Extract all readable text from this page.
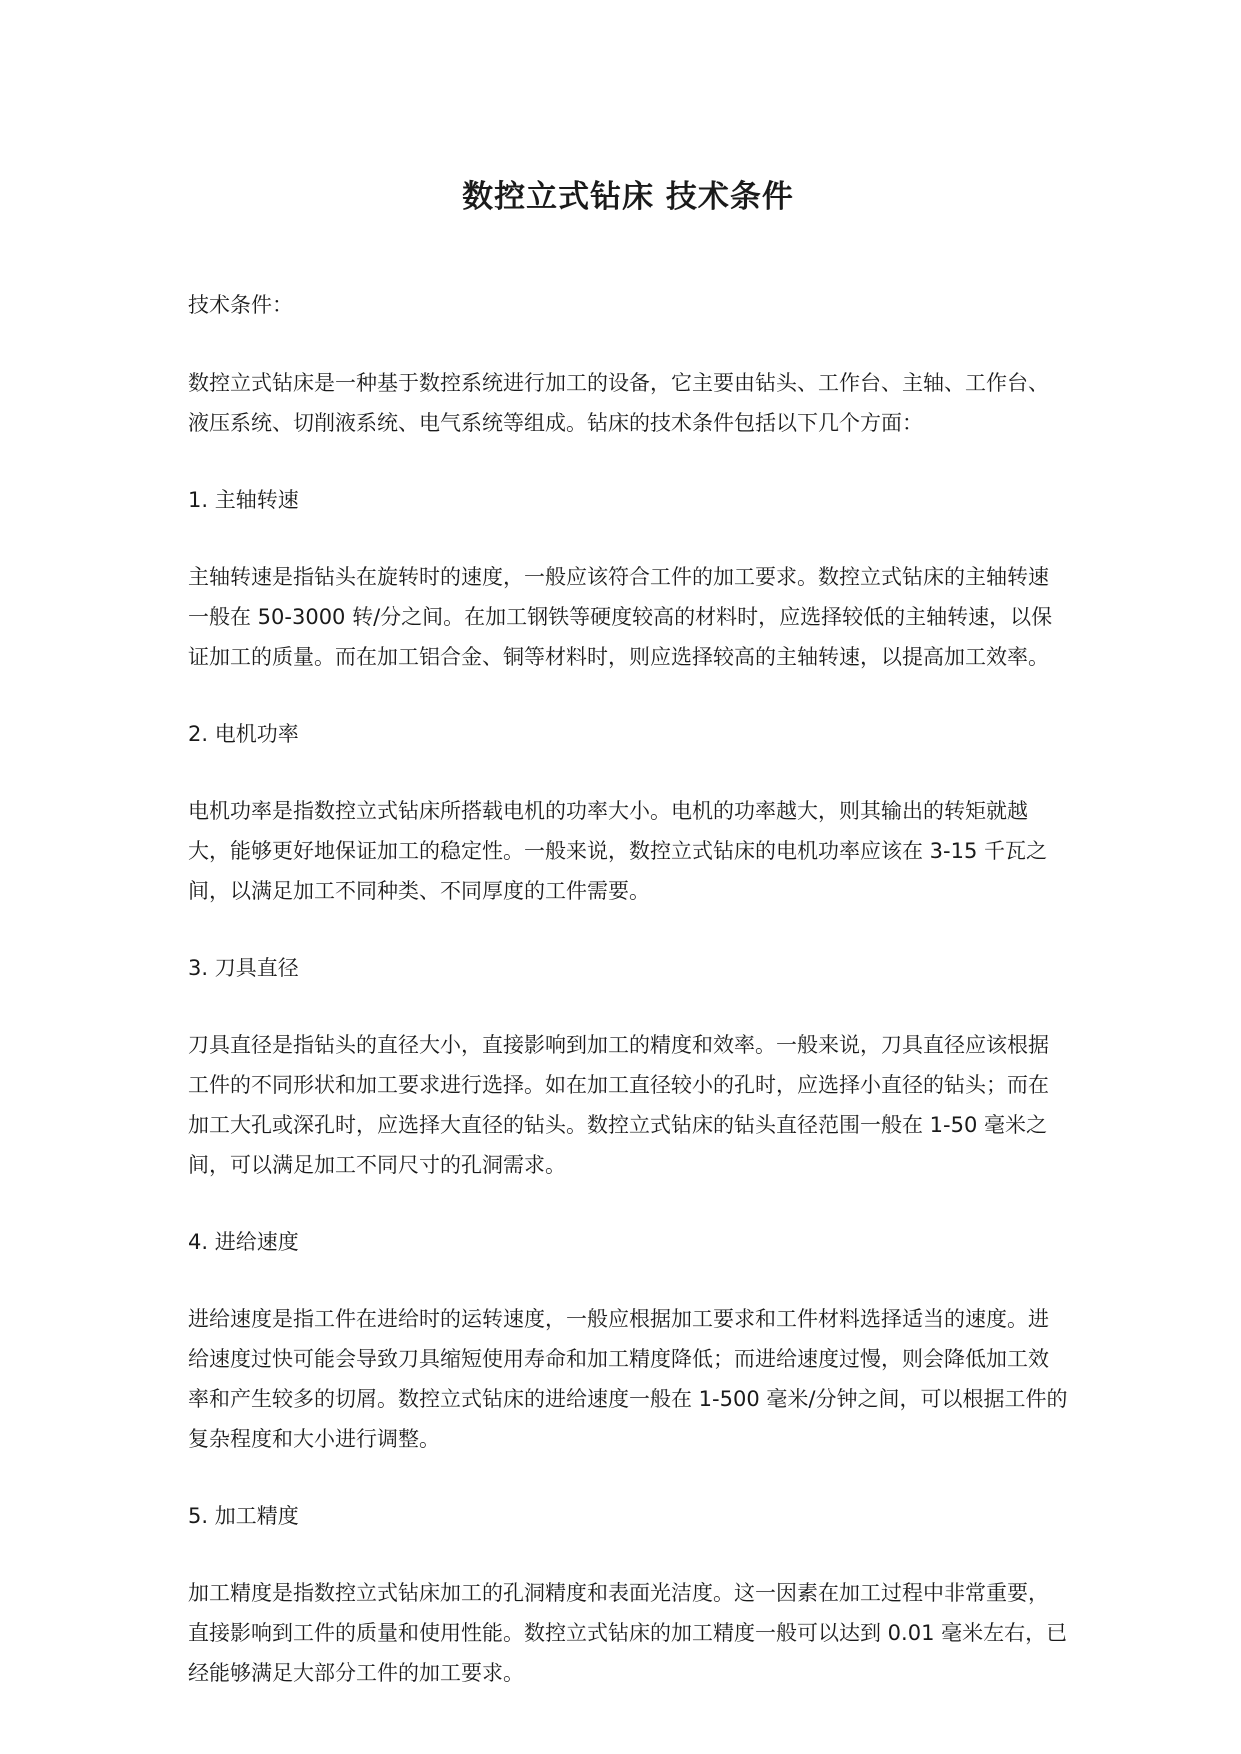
数控立式钻床 技术条件

技术条件：

数控立式钻床是一种基于数控系统进行加工的设备，它主要由钻头、工作台、主轴、工作台、液压系统、切削液系统、电气系统等组成。钻床的技术条件包括以下几个方面：

1. 主轴转速

主轴转速是指钻头在旋转时的速度，一般应该符合工件的加工要求。数控立式钻床的主轴转速一般在 50-3000 转/分之间。在加工钢铁等硬度较高的材料时，应选择较低的主轴转速，以保证加工的质量。而在加工铝合金、铜等材料时，则应选择较高的主轴转速，以提高加工效率。

2. 电机功率

电机功率是指数控立式钻床所搭载电机的功率大小。电机的功率越大，则其输出的转矩就越大，能够更好地保证加工的稳定性。一般来说，数控立式钻床的电机功率应该在 3-15 千瓦之间，以满足加工不同种类、不同厚度的工件需要。

3. 刀具直径

刀具直径是指钻头的直径大小，直接影响到加工的精度和效率。一般来说，刀具直径应该根据工件的不同形状和加工要求进行选择。如在加工直径较小的孔时，应选择小直径的钻头；而在加工大孔或深孔时，应选择大直径的钻头。数控立式钻床的钻头直径范围一般在 1-50 毫米之间，可以满足加工不同尺寸的孔洞需求。

4. 进给速度

进给速度是指工件在进给时的运转速度，一般应根据加工要求和工件材料选择适当的速度。进给速度过快可能会导致刀具缩短使用寿命和加工精度降低；而进给速度过慢，则会降低加工效率和产生较多的切屑。数控立式钻床的进给速度一般在 1-500 毫米/分钟之间，可以根据工件的复杂程度和大小进行调整。

5. 加工精度

加工精度是指数控立式钻床加工的孔洞精度和表面光洁度。这一因素在加工过程中非常重要，直接影响到工件的质量和使用性能。数控立式钻床的加工精度一般可以达到 0.01 毫米左右，已经能够满足大部分工件的加工要求。
